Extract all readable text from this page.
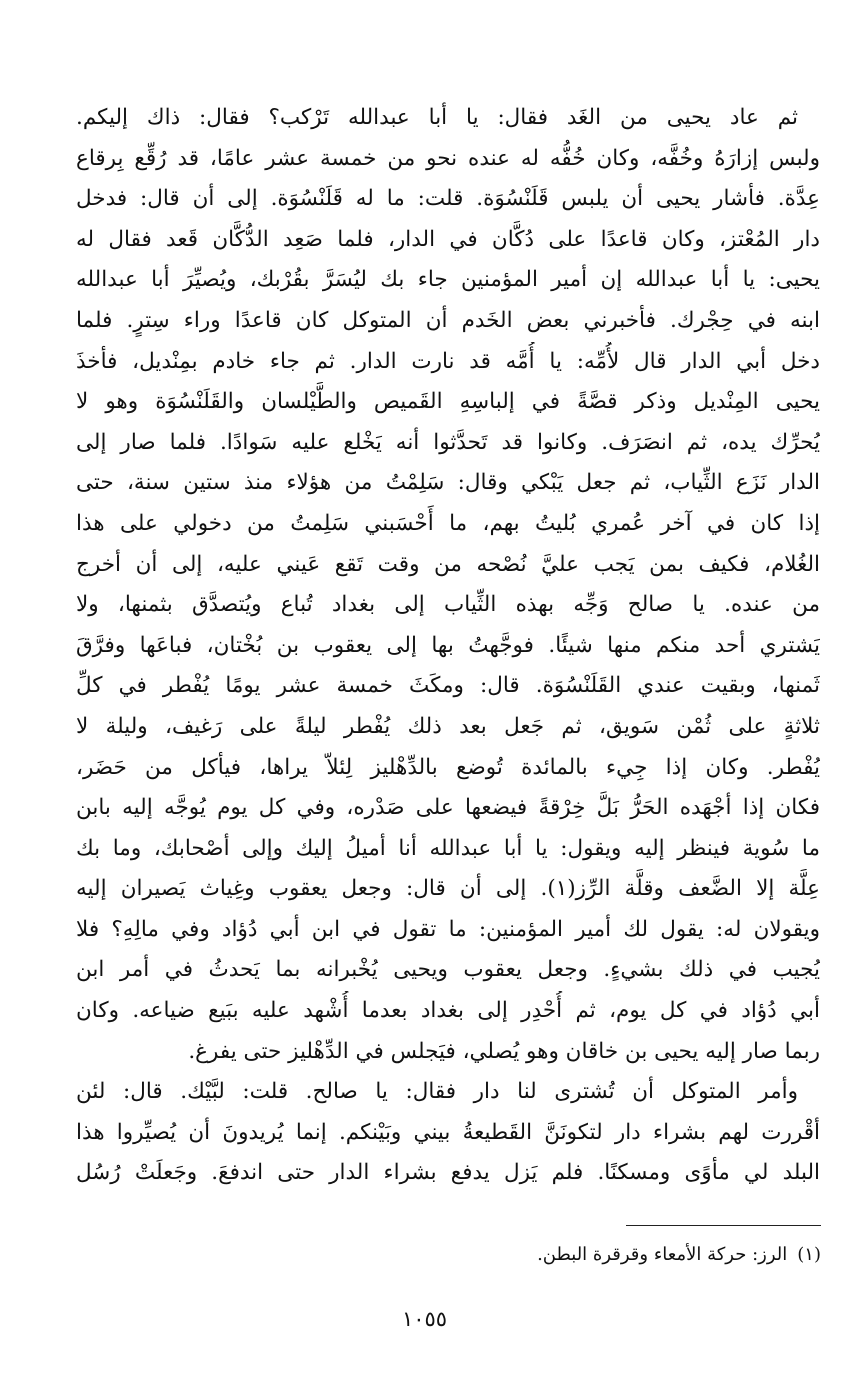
ثم عاد يحيى من الغَد فقال: يا أبا عبدالله تَرْكب؟ فقال: ذاك إليكم.
ولبس إزارَهُ وخُفَّه، وكان خُفُّه له عنده نحو من خمسة عشر عامًا، قد رُقِّع بِرقاع
عِدَّة. فأشار يحيى أن يلبس قَلَنْسُوَة. قلت: ما له قَلَنْسُوَة. إلى أن قال: فدخل
دار المُعْتز، وكان قاعدًا على دُكَّان في الدار، فلما صَعِد الدُّكَّان قَعد فقال له
يحيى: يا أبا عبدالله إن أمير المؤمنين جاء بك ليُسَرَّ بقُرْبك، ويُصيِّرَ أبا عبدالله
ابنه في حِجْرك. فأخبرني بعض الخَدم أن المتوكل كان قاعدًا وراء سِترٍ. فلما
دخل أبي الدار قال لأُمِّه: يا أُمَّه قد نارت الدار. ثم جاء خادم بمِنْديل، فأخذَ
يحيى المِنْديل وذكر قصَّةً في إلباسِهِ القَميص والطَّيْلسان والقَلَنْسُوَة وهو لا
يُحرِّك يده، ثم انصَرَف. وكانوا قد تَحدَّثوا أنه يَخْلع عليه سَوادًا. فلما صار إلى
الدار نَزَع الثِّياب، ثم جعل يَبْكي وقال: سَلِمْتُ من هؤلاء منذ ستين سنة، حتى
إذا كان في آخر عُمري بُليتُ بهم، ما أَحْسَبني سَلِمتُ من دخولي على هذا
الغُلام، فكيف بمن يَجب عليَّ نُصْحه من وقت تَقع عَيني عليه، إلى أن أخرج
من عنده. يا صالح وَجِّه بهذه الثِّياب إلى بغداد تُباع ويُتصدَّق بثمنها، ولا
يَشتري أحد منكم منها شيئًا. فوجَّهتُ بها إلى يعقوب بن بُخْتان، فباعَها وفرَّقَ
ثَمنها، وبقيت عندي القَلَنْسُوَة. قال: ومكَثَ خمسة عشر يومًا يُفْطر في كلِّ
ثلاثةٍ على ثُمْن سَويق، ثم جَعل بعد ذلك يُفْطر ليلةً على رَغيف، وليلة لا
يُفْطر. وكان إذا جِيء بالمائدة تُوضع بالدِّهْليز لِئلاّ يراها، فيأكل من حَضَر،
فكان إذا أجْهَده الحَرُّ بَلَّ خِرْقةً فيضعها على صَدْره، وفي كل يوم يُوجَّه إليه بابن
ما سُوية فينظر إليه ويقول: يا أبا عبدالله أنا أميلُ إليك وإلى أصْحابك، وما بك
عِلَّة إلا الضَّعف وقلَّة الرِّز(١). إلى أن قال: وجعل يعقوب وغِياث يَصيران إليه
ويقولان له: يقول لك أمير المؤمنين: ما تقول في ابن أبي دُؤاد وفي مالِهِ؟ فلا
يُجيب في ذلك بشيءٍ. وجعل يعقوب ويحيى يُخْبرانه بما يَحدثُ في أمر ابن
أبي دُؤاد في كل يوم، ثم أُحْدِر إلى بغداد بعدما أُشْهد عليه ببَيع ضياعه. وكان
ربما صار إليه يحيى بن خاقان وهو يُصلي، فيَجلس في الدِّهْليز حتى يفرغ.
وأمر المتوكل أن تُشترى لنا دار فقال: يا صالح. قلت: لبَّيْك. قال: لئن
أقْررت لهم بشراء دار لتكونَنَّ القَطيعةُ بيني وبَيْنكم. إنما يُريدونَ أن يُصيِّروا هذا
البلد لي مأوًى ومسكنًا. فلم يَزل يدفع بشراء الدار حتى اندفعَ. وجَعلَتْ رُسُل
(١)الرز: حركة الأمعاء وقرقرة البطن.
١٠٥٥
